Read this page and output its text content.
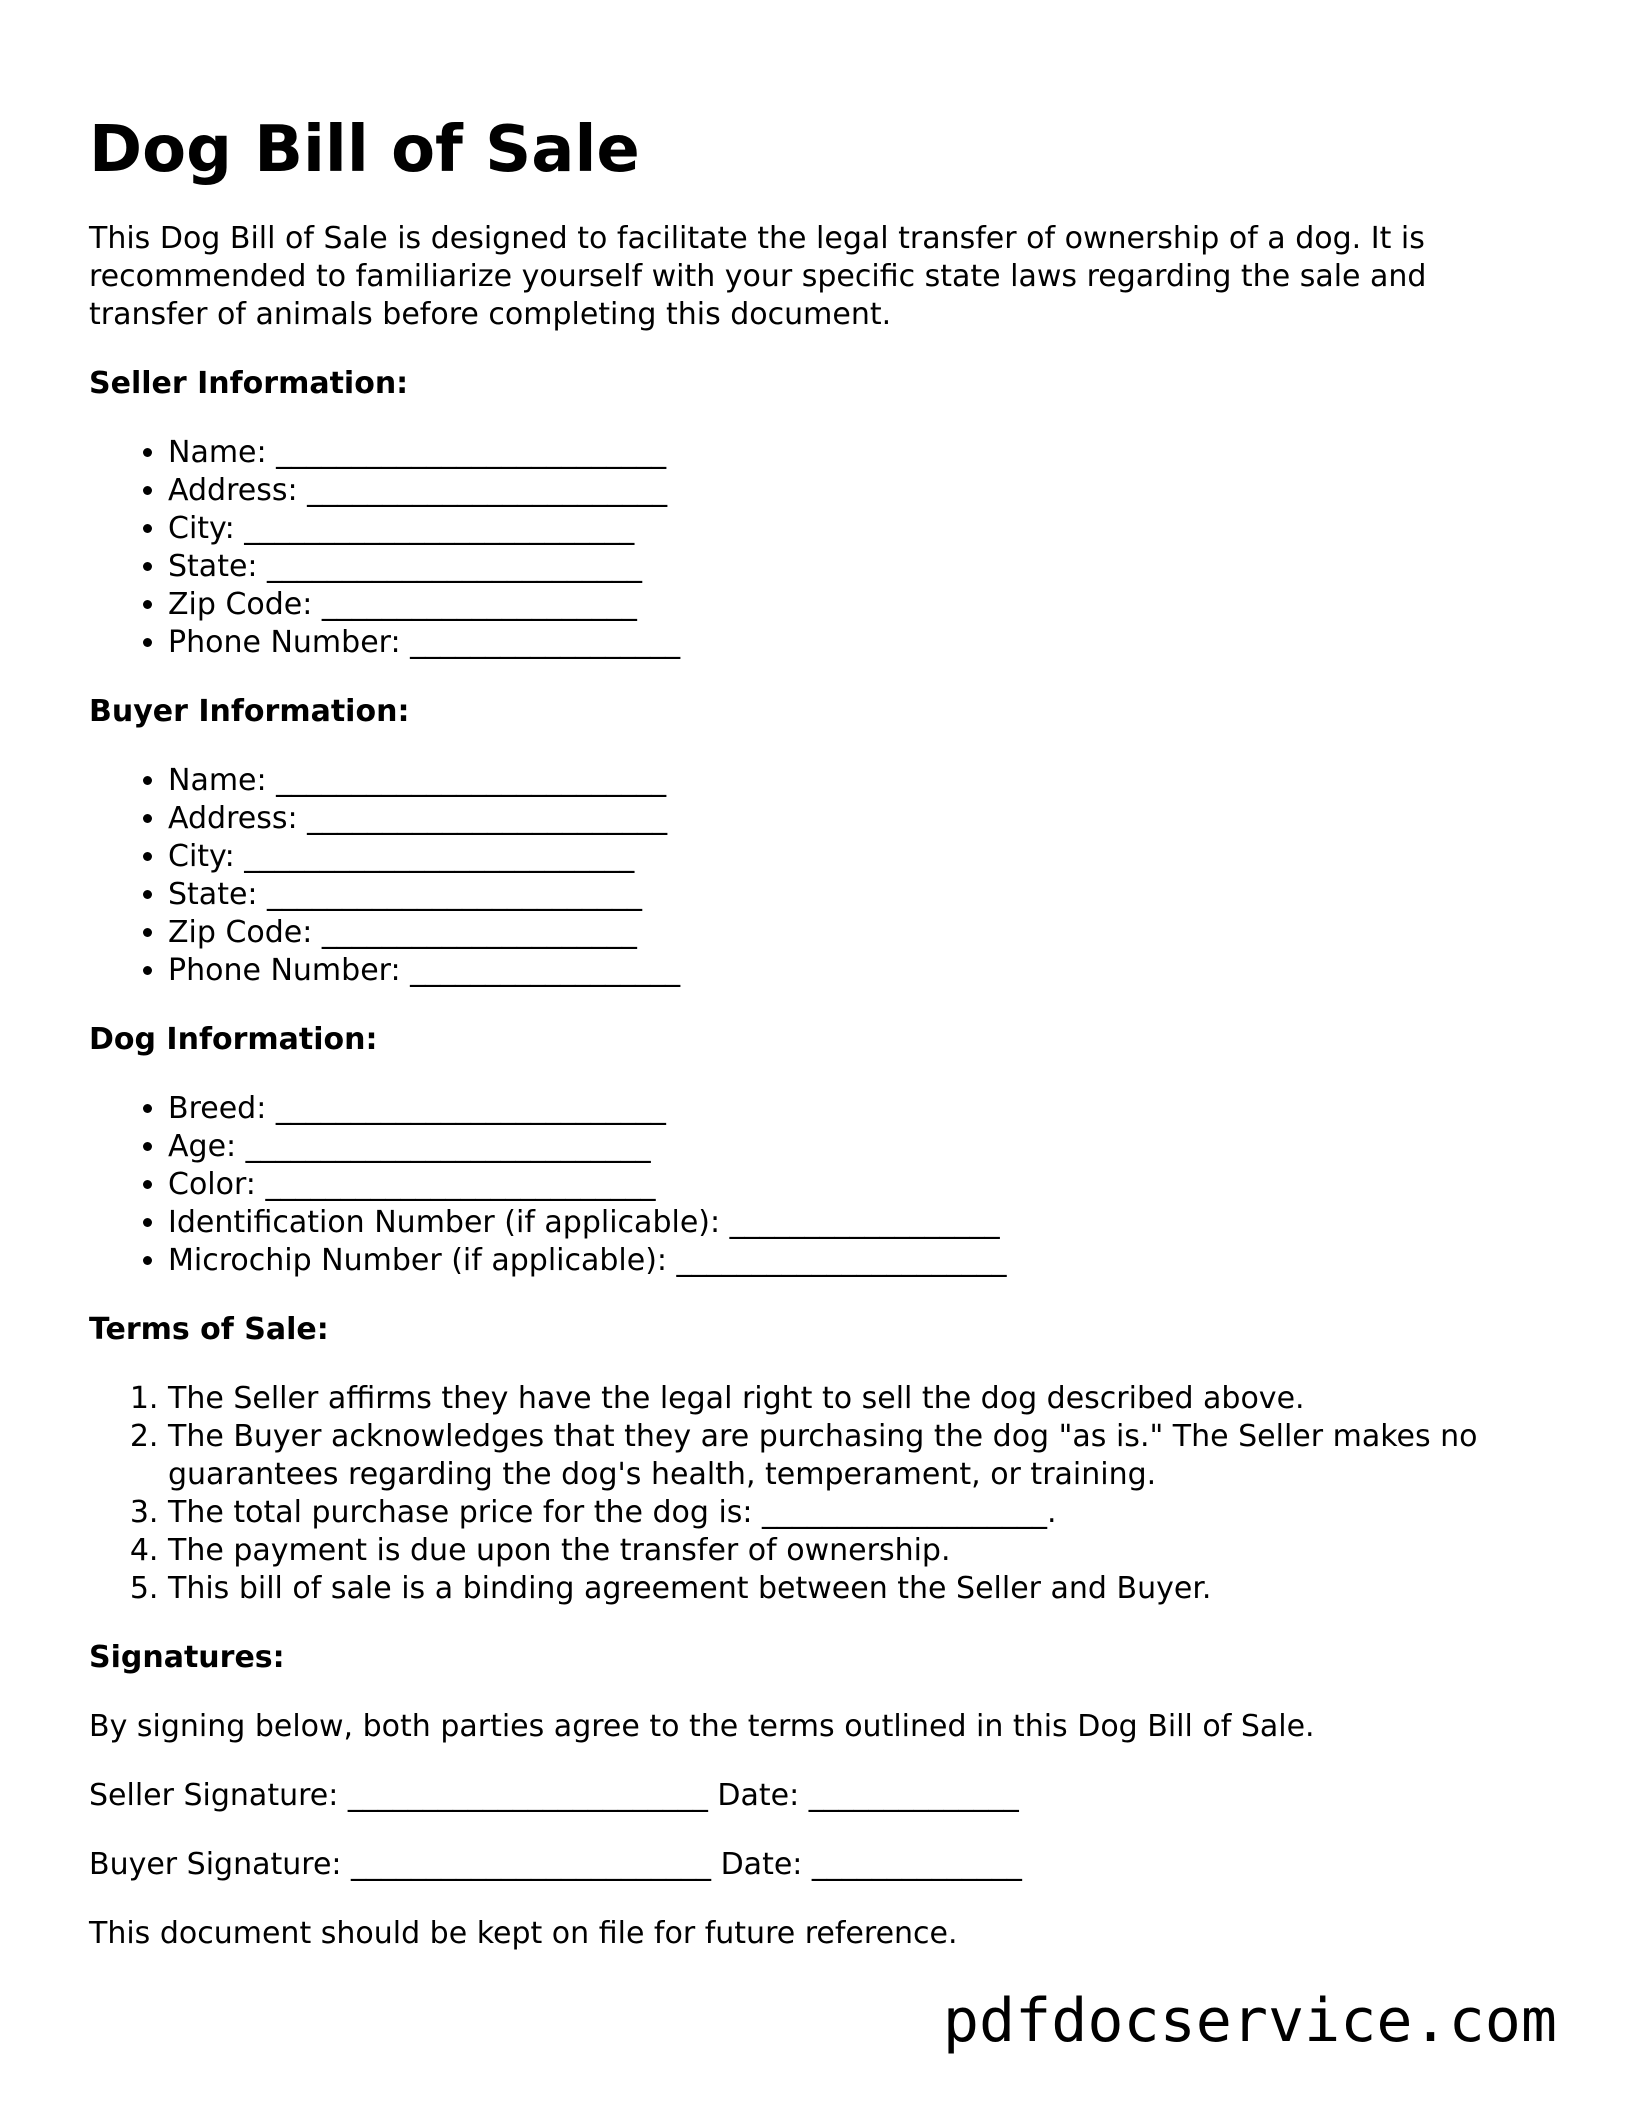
Dog Bill of Sale

This Dog Bill of Sale is designed to facilitate the legal transfer of ownership of a dog. It is recommended to familiarize yourself with your specific state laws regarding the sale and transfer of animals before completing this document.

Seller Information:
• Name: __________________________
• Address: ________________________
• City: __________________________
• State: _________________________
• Zip Code: _____________________
• Phone Number: __________________
Buyer Information:
• Name: __________________________
• Address: ________________________
• City: __________________________
• State: _________________________
• Zip Code: _____________________
• Phone Number: __________________
Dog Information:
• Breed: __________________________
• Age: ___________________________
• Color: __________________________
• Identification Number (if applicable): __________________
• Microchip Number (if applicable): ______________________
Terms of Sale:
1. The Seller affirms they have the legal right to sell the dog described above.
2. The Buyer acknowledges that they are purchasing the dog "as is." The Seller makes no guarantees regarding the dog's health, temperament, or training.
3. The total purchase price for the dog is: ___________________.
4. The payment is due upon the transfer of ownership.
5. This bill of sale is a binding agreement between the Seller and Buyer.
Signatures:

By signing below, both parties agree to the terms outlined in this Dog Bill of Sale.

Seller Signature: ________________________ Date: ______________

Buyer Signature: ________________________ Date: ______________

This document should be kept on file for future reference.

pdfdocservice.com
